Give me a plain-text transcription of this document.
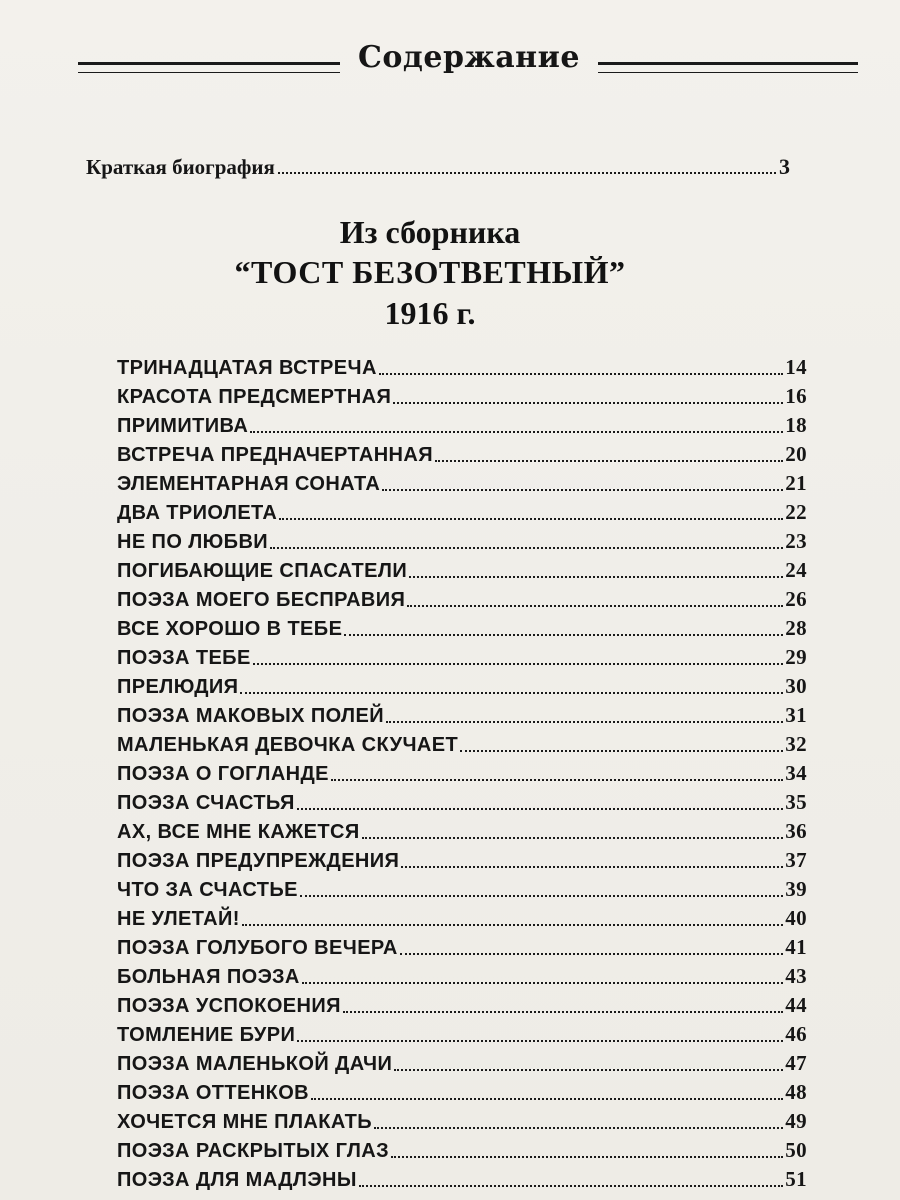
Содержание
Краткая биография	3
Из сборника
“ТОСТ БЕЗОТВЕТНЫЙ”
1916 г.
ТРИНАДЦАТАЯ ВСТРЕЧА	14
КРАСОТА ПРЕДСМЕРТНАЯ	16
ПРИМИТИВА	18
ВСТРЕЧА ПРЕДНАЧЕРТАННАЯ	20
ЭЛЕМЕНТАРНАЯ СОНАТА	21
ДВА ТРИОЛЕТА	22
НЕ ПО ЛЮБВИ	23
ПОГИБАЮЩИЕ СПАСАТЕЛИ	24
ПОЭЗА МОЕГО БЕСПРАВИЯ	26
ВСЕ ХОРОШО В ТЕБЕ	28
ПОЭЗА ТЕБЕ	29
ПРЕЛЮДИЯ	30
ПОЭЗА МАКОВЫХ ПОЛЕЙ	31
МАЛЕНЬКАЯ ДЕВОЧКА СКУЧАЕТ	32
ПОЭЗА О ГОГЛАНДЕ	34
ПОЭЗА СЧАСТЬЯ	35
АХ, ВСЕ МНЕ КАЖЕТСЯ	36
ПОЭЗА ПРЕДУПРЕЖДЕНИЯ	37
ЧТО ЗА СЧАСТЬЕ	39
НЕ УЛЕТАЙ!	40
ПОЭЗА ГОЛУБОГО ВЕЧЕРА	41
БОЛЬНАЯ ПОЭЗА	43
ПОЭЗА УСПОКОЕНИЯ	44
ТОМЛЕНИЕ БУРИ	46
ПОЭЗА МАЛЕНЬКОЙ ДАЧИ	47
ПОЭЗА ОТТЕНКОВ	48
ХОЧЕТСЯ МНЕ ПЛАКАТЬ	49
ПОЭЗА РАСКРЫТЫХ ГЛАЗ	50
ПОЭЗА ДЛЯ МАДЛЭНЫ	51
